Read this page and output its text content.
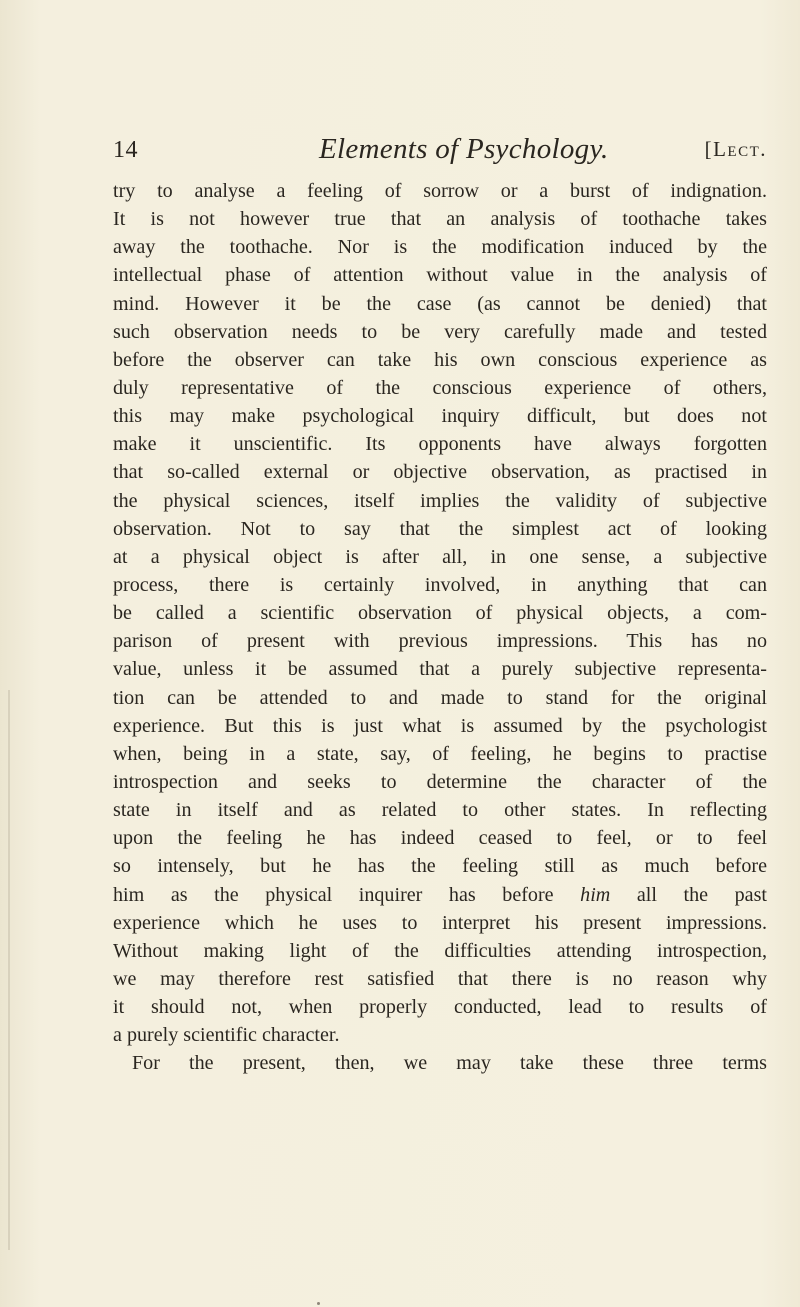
14	Elements of Psychology.	[Lect.
try to analyse a feeling of sorrow or a burst of indignation.
It is not however true that an analysis of toothache takes
away the toothache. Nor is the modification induced by the
intellectual phase of attention without value in the analysis of
mind. However it be the case (as cannot be denied) that
such observation needs to be very carefully made and tested
before the observer can take his own conscious experience as
duly representative of the conscious experience of others,
this may make psychological inquiry difficult, but does not
make it unscientific. Its opponents have always forgotten
that so-called external or objective observation, as practised in
the physical sciences, itself implies the validity of subjective
observation. Not to say that the simplest act of looking
at a physical object is after all, in one sense, a subjective
process, there is certainly involved, in anything that can
be called a scientific observation of physical objects, a com-
parison of present with previous impressions. This has no
value, unless it be assumed that a purely subjective representa-
tion can be attended to and made to stand for the original
experience. But this is just what is assumed by the psychologist
when, being in a state, say, of feeling, he begins to practise
introspection and seeks to determine the character of the
state in itself and as related to other states. In reflecting
upon the feeling he has indeed ceased to feel, or to feel
so intensely, but he has the feeling still as much before
him as the physical inquirer has before him all the past
experience which he uses to interpret his present impressions.
Without making light of the difficulties attending introspection,
we may therefore rest satisfied that there is no reason why
it should not, when properly conducted, lead to results of
a purely scientific character.
For the present, then, we may take these three terms
